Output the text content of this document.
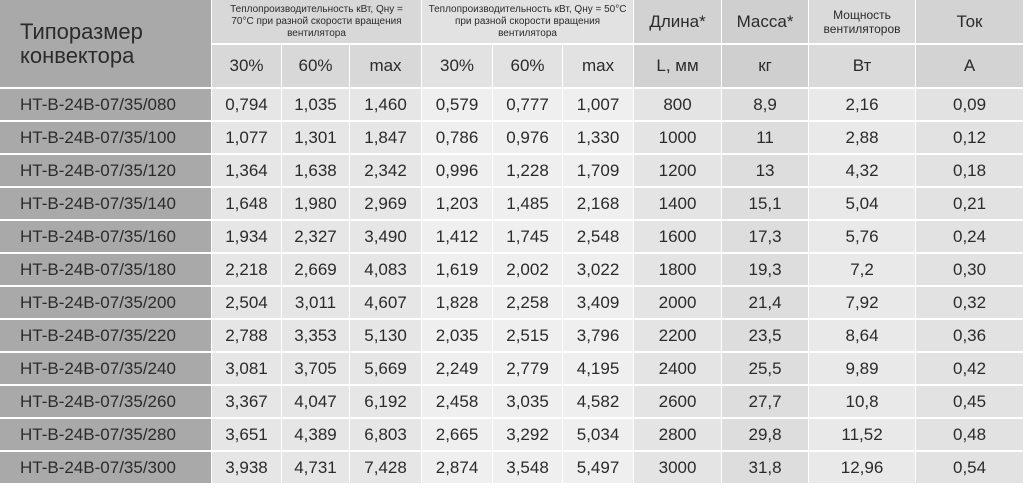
Типоразмер конвектора	Теплопроизводительность кВт, Qну = 70°С при разной скорости вращения вентилятора			Теплопроизводительность кВт, Qну = 50°С при разной скорости вращения вентилятора			Длина*	Масса*	Мощность вентиляторов	Ток
	30%	60%	max	30%	60%	max	L, мм	кг	Вт	А
HT-B-24B-07/35/080	0,794	1,035	1,460	0,579	0,777	1,007	800	8,9	2,16	0,09
HT-B-24B-07/35/100	1,077	1,301	1,847	0,786	0,976	1,330	1000	11	2,88	0,12
HT-B-24B-07/35/120	1,364	1,638	2,342	0,996	1,228	1,709	1200	13	4,32	0,18
HT-B-24B-07/35/140	1,648	1,980	2,969	1,203	1,485	2,168	1400	15,1	5,04	0,21
HT-B-24B-07/35/160	1,934	2,327	3,490	1,412	1,745	2,548	1600	17,3	5,76	0,24
HT-B-24B-07/35/180	2,218	2,669	4,083	1,619	2,002	3,022	1800	19,3	7,2	0,30
HT-B-24B-07/35/200	2,504	3,011	4,607	1,828	2,258	3,409	2000	21,4	7,92	0,32
HT-B-24B-07/35/220	2,788	3,353	5,130	2,035	2,515	3,796	2200	23,5	8,64	0,36
HT-B-24B-07/35/240	3,081	3,705	5,669	2,249	2,779	4,195	2400	25,5	9,89	0,42
HT-B-24B-07/35/260	3,367	4,047	6,192	2,458	3,035	4,582	2600	27,7	10,8	0,45
HT-B-24B-07/35/280	3,651	4,389	6,803	2,665	3,292	5,034	2800	29,8	11,52	0,48
HT-B-24B-07/35/300	3,938	4,731	7,428	2,874	3,548	5,497	3000	31,8	12,96	0,54
